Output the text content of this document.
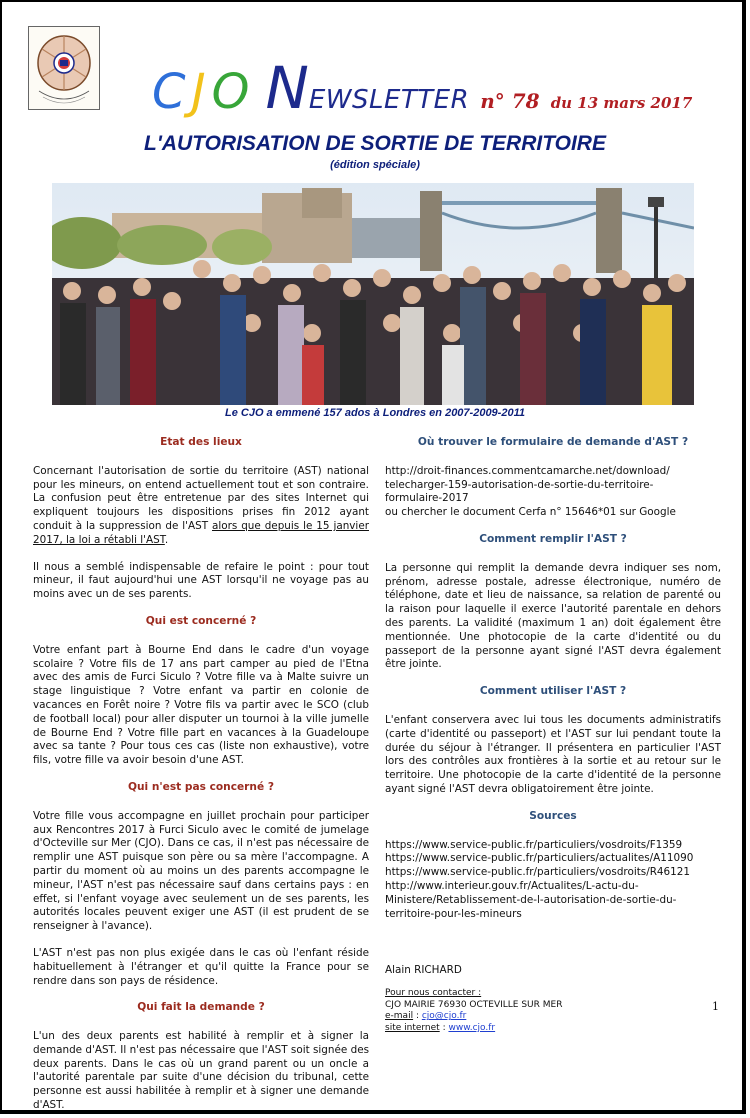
C J O NEWSLETTER n° 78 du 13 mars 2017
L'AUTORISATION DE SORTIE DE TERRITOIRE
(édition spéciale)
Le CJO a emmené 157 ados à Londres en 2007-2009-2011
Etat des lieux

Concernant l'autorisation de sortie du territoire (AST) national pour les mineurs, on entend actuellement tout et son contraire. La confusion peut être entretenue par des sites Internet qui expliquent toujours les dispositions prises fin 2012 ayant conduit à la suppression de l'AST alors que depuis le 15 janvier 2017, la loi a rétabli l'AST.

Il nous a semblé indispensable de refaire le point : pour tout mineur, il faut aujourd'hui une AST lorsqu'il ne voyage pas au moins avec un de ses parents.

Qui est concerné ?

Votre enfant part à Bourne End dans le cadre d'un voyage scolaire ? Votre fils de 17 ans part camper au pied de l'Etna avec des amis de Furci Siculo ? Votre fille va à Malte suivre un stage linguistique ? Votre enfant va partir en colonie de vacances en Forêt noire ? Votre fils va partir avec le SCO (club de football local) pour aller disputer un tournoi à la ville jumelle de Bourne End ? Votre fille part en vacances à la Guadeloupe avec sa tante ? Pour tous ces cas (liste non exhaustive), votre fils, votre fille va avoir besoin d'une AST.

Qui n'est pas concerné ?

Votre fille vous accompagne en juillet prochain pour participer aux Rencontres 2017 à Furci Siculo avec le comité de jumelage d'Octeville sur Mer (CJO). Dans ce cas, il n'est pas nécessaire de remplir une AST puisque son père ou sa mère l'accompagne. A partir du moment où au moins un des parents accompagne le mineur, l'AST n'est pas nécessaire sauf dans certains pays : en effet, si l'enfant voyage avec seulement un de ses parents, les autorités locales peuvent exiger une AST (il est prudent de se renseigner à l'avance).

L'AST n'est pas non plus exigée dans le cas où l'enfant réside habituellement à l'étranger et qu'il quitte la France pour se rendre dans son pays de résidence.

Qui fait la demande ?

L'un des deux parents est habilité à remplir et à signer la demande d'AST. Il n'est pas nécessaire que l'AST soit signée des deux parents. Dans le cas où un grand parent ou un oncle a l'autorité parentale par suite d'une décision du tribunal, cette personne est aussi habilitée à remplir et à signer une demande d'AST.

Où trouver le formulaire de demande d'AST ?
http://droit-finances.commentcamarche.net/download/
telecharger-159-autorisation-de-sortie-du-territoire-
formulaire-2017
ou chercher le document Cerfa n° 15646*01 sur Google
Comment remplir l'AST ?

La personne qui remplit la demande devra indiquer ses nom, prénom, adresse postale, adresse électronique, numéro de téléphone, date et lieu de naissance, sa relation de parenté ou la raison pour laquelle il exerce l'autorité parentale en dehors des parents. La validité (maximum 1 an) doit également être mentionnée. Une photocopie de la carte d'identité ou du passeport de la personne ayant signé l'AST devra également être jointe.

Comment utiliser l'AST ?

L'enfant conservera avec lui tous les documents administratifs (carte d'identité ou passeport) et l'AST sur lui pendant toute la durée du séjour à l'étranger. Il présentera en particulier l'AST lors des contrôles aux frontières à la sortie et au retour sur le territoire. Une photocopie de la carte d'identité de la personne ayant signé l'AST devra obligatoirement être jointe.

Sources
https://www.service-public.fr/particuliers/vosdroits/F1359
https://www.service-public.fr/particuliers/actualites/A11090
https://www.service-public.fr/particuliers/vosdroits/R46121
http://www.interieur.gouv.fr/Actualites/L-actu-du-
Ministere/Retablissement-de-l-autorisation-de-sortie-du-
territoire-pour-les-mineurs
Alain RICHARD
Pour nous contacter :
CJO MAIRIE 76930 OCTEVILLE SUR MER
e-mail : cjo@cjo.fr
site internet : www.cjo.fr
1
